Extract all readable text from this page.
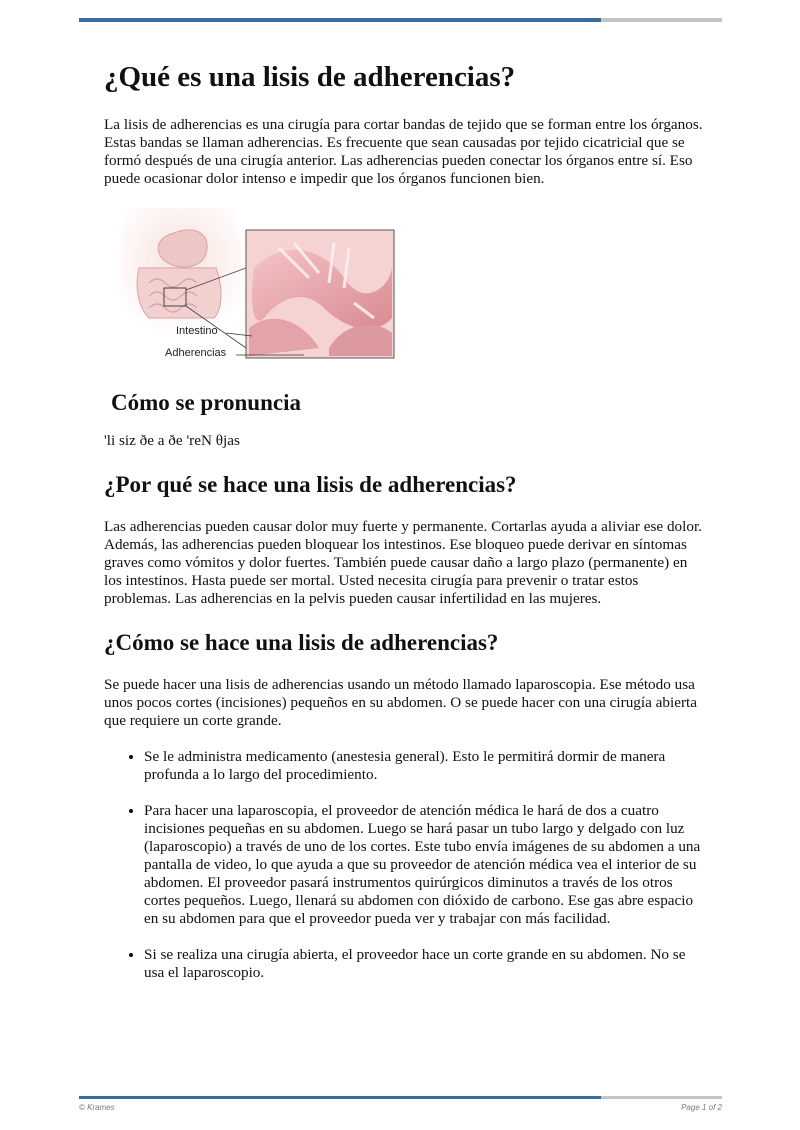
¿Qué es una lisis de adherencias?

La lisis de adherencias es una cirugía para cortar bandas de tejido que se forman entre los órganos. Estas bandas se llaman adherencias. Es frecuente que sean causadas por tejido cicatricial que se formó después de una cirugía anterior. Las adherencias pueden conectar los órganos entre sí. Eso puede ocasionar dolor intenso e impedir que los órganos funcionen bien.

Intestino
Adherencias
Cómo se pronuncia

'li siz ðe a ðe 'reN θjas

¿Por qué se hace una lisis de adherencias?

Las adherencias pueden causar dolor muy fuerte y permanente. Cortarlas ayuda a aliviar ese dolor. Además, las adherencias pueden bloquear los intestinos. Ese bloqueo puede derivar en síntomas graves como vómitos y dolor fuertes. También puede causar daño a largo plazo (permanente) en los intestinos. Hasta puede ser mortal. Usted necesita cirugía para prevenir o tratar estos problemas. Las adherencias en la pelvis pueden causar infertilidad en las mujeres.

¿Cómo se hace una lisis de adherencias?

Se puede hacer una lisis de adherencias usando un método llamado laparoscopia. Ese método usa unos pocos cortes (incisiones) pequeños en su abdomen. O se puede hacer con una cirugía abierta que requiere un corte grande.

• Se le administra medicamento (anestesia general). Esto le permitirá dormir de manera profunda a lo largo del procedimiento.
• Para hacer una laparoscopia, el proveedor de atención médica le hará de dos a cuatro incisiones pequeñas en su abdomen. Luego se hará pasar un tubo largo y delgado con luz (laparoscopio) a través de uno de los cortes. Este tubo envía imágenes de su abdomen a una pantalla de video, lo que ayuda a que su proveedor de atención médica vea el interior de su abdomen. El proveedor pasará instrumentos quirúrgicos diminutos a través de los otros cortes pequeños. Luego, llenará su abdomen con dióxido de carbono. Ese gas abre espacio en su abdomen para que el proveedor pueda ver y trabajar con más facilidad.
• Si se realiza una cirugía abierta, el proveedor hace un corte grande en su abdomen. No se usa el laparoscopio.
© Krames	Page 1 of 2
